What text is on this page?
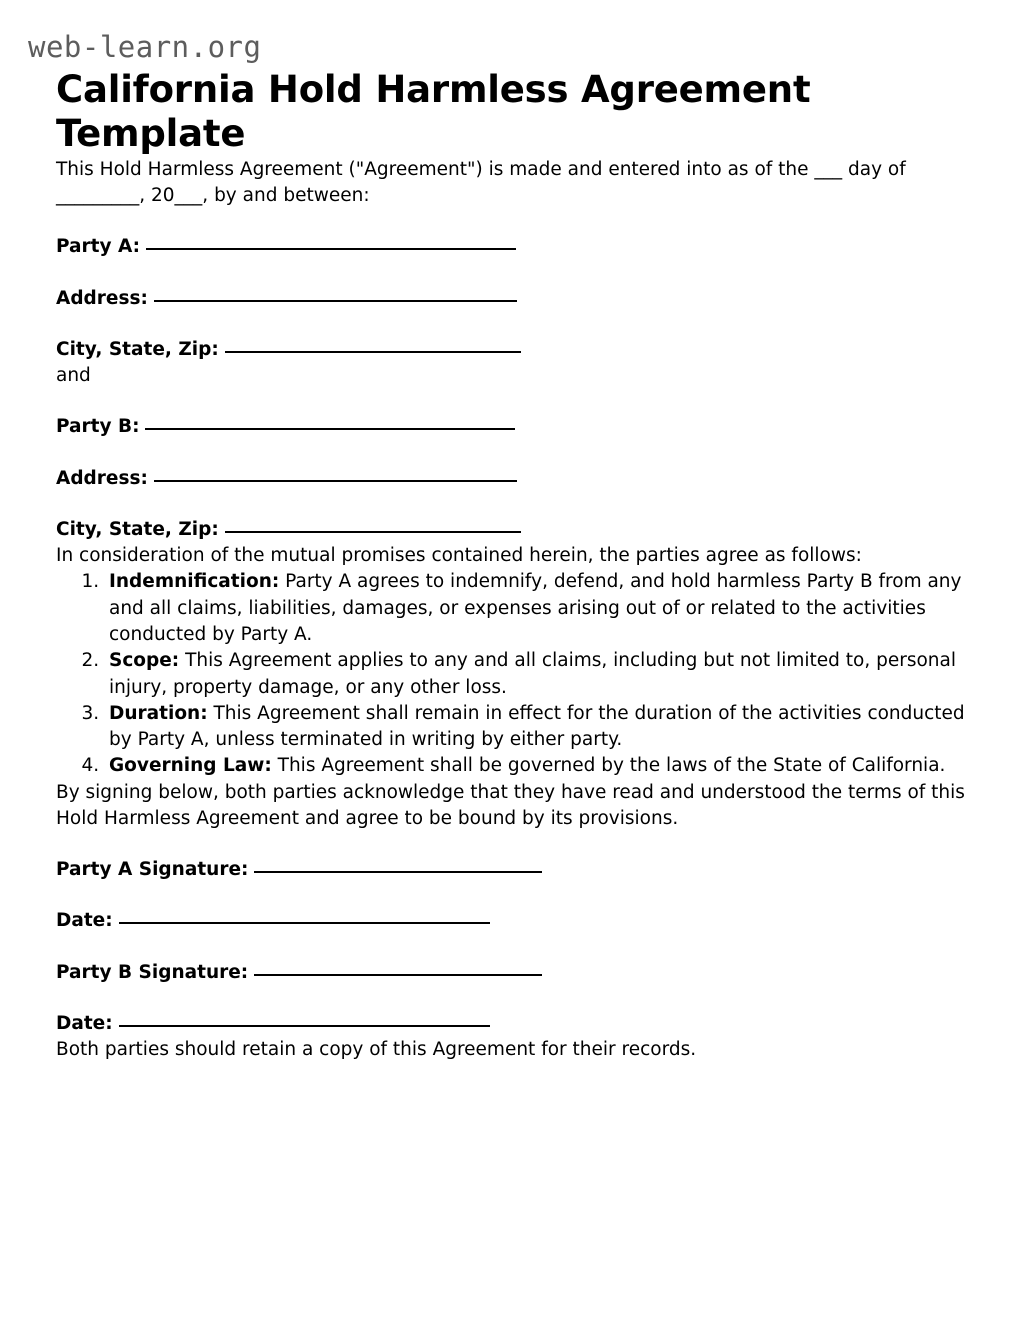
web-learn.org
California Hold Harmless Agreement Template

This Hold Harmless Agreement ("Agreement") is made and entered into as of the ___ day of _________, 20___, by and between:

Party A:
Address:
City, State, Zip:

and

Party B:
Address:
City, State, Zip:

In consideration of the mutual promises contained herein, the parties agree as follows:

1. Indemnification: Party A agrees to indemnify, defend, and hold harmless Party B from any and all claims, liabilities, damages, or expenses arising out of or related to the activities conducted by Party A.
2. Scope: This Agreement applies to any and all claims, including but not limited to, personal injury, property damage, or any other loss.
3. Duration: This Agreement shall remain in effect for the duration of the activities conducted by Party A, unless terminated in writing by either party.
4. Governing Law: This Agreement shall be governed by the laws of the State of California.

By signing below, both parties acknowledge that they have read and understood the terms of this Hold Harmless Agreement and agree to be bound by its provisions.

Party A Signature:
Date:
Party B Signature:
Date:

Both parties should retain a copy of this Agreement for their records.
